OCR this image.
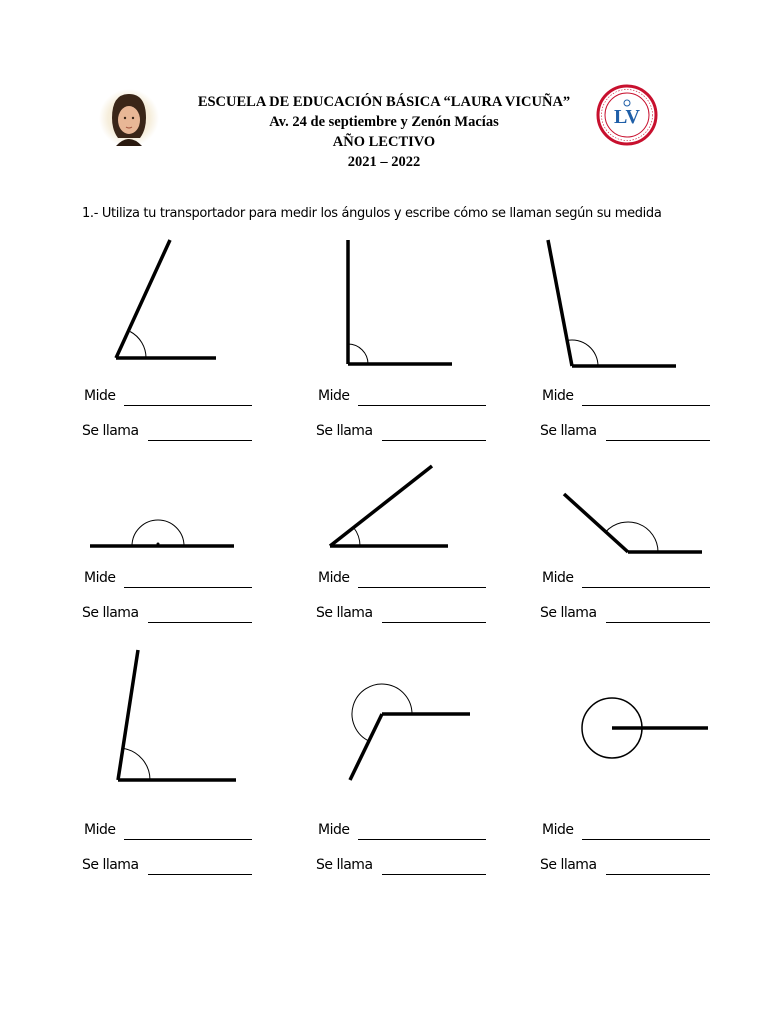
ESCUELA DE EDUCACIÓN BÁSICA “LAURA VICUÑA”
Av. 24 de septiembre y Zenón Macías
AÑO LECTIVO
2021 – 2022
LV
1.- Utiliza tu transportador para medir los ángulos y escribe cómo se llaman según su medida
Mide
Se llama
Mide
Se llama
Mide
Se llama
Mide
Se llama
Mide
Se llama
Mide
Se llama
Mide
Se llama
Mide
Se llama
Mide
Se llama
